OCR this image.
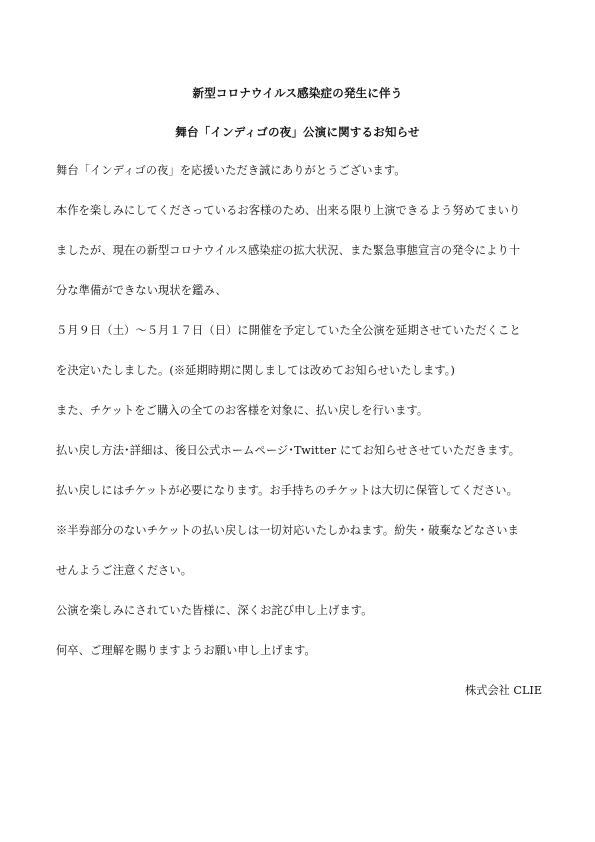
新型コロナウイルス感染症の発生に伴う
舞台「インディゴの夜」公演に関するお知らせ
舞台「インディゴの夜」を応援いただき誠にありがとうございます。
本作を楽しみにしてくださっているお客様のため、出来る限り上演できるよう努めてまいり
ましたが、現在の新型コロナウイルス感染症の拡大状況、また緊急事態宣言の発令により十
分な準備ができない現状を鑑み、
５月９日（土）～５月１７日（日）に開催を予定していた全公演を延期させていただくこと
を決定いたしました。(※延期時期に関しましては改めてお知らせいたします。)
また、チケットをご購入の全てのお客様を対象に、払い戻しを行います。
払い戻し方法･詳細は、後日公式ホームページ･Twitter にてお知らせさせていただきます。
払い戻しにはチケットが必要になります。お手持ちのチケットは大切に保管してください。
※半券部分のないチケットの払い戻しは一切対応いたしかねます。紛失・破棄などなさいま
せんようご注意ください。
公演を楽しみにされていた皆様に、深くお詫び申し上げます。
何卒、ご理解を賜りますようお願い申し上げます。
株式会社 CLIE
